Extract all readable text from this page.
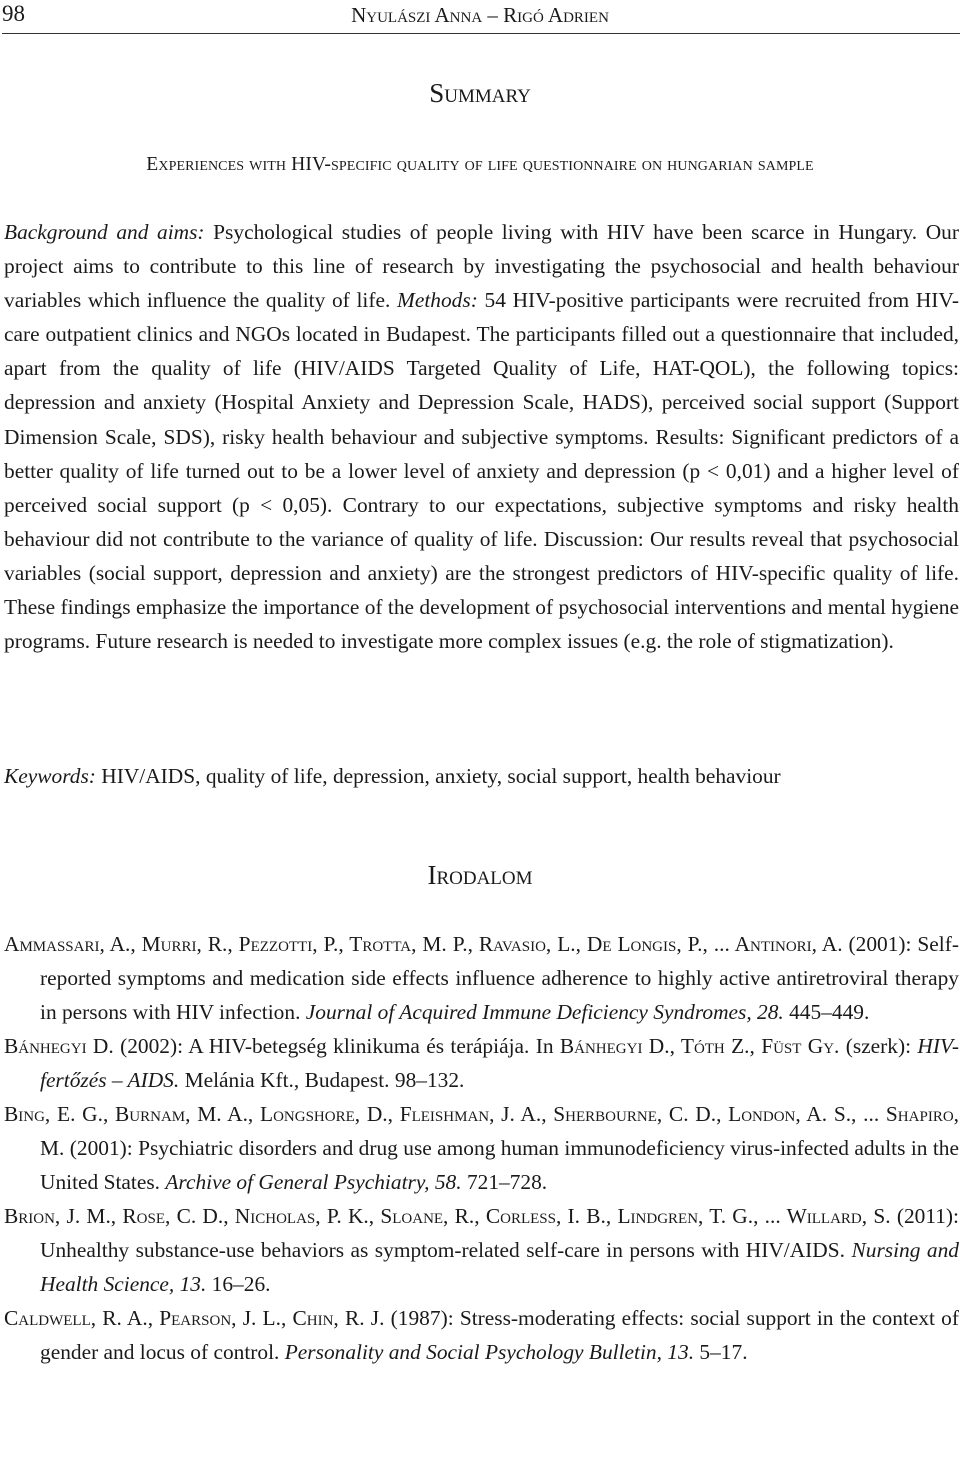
98	Nyulászi Anna – Rigó Adrien
Summary
Experiences with HIV-specific quality of life questionnaire on hungarian sample

Background and aims: Psychological studies of people living with HIV have been scarce in Hungary. Our project aims to contribute to this line of research by investigating the psychosocial and health behaviour variables which influence the quality of life. Methods: 54 HIV-positive participants were recruited from HIV-care outpatient clinics and NGOs located in Budapest. The participants filled out a questionnaire that included, apart from the quality of life (HIV/AIDS Targeted Quality of Life, HAT-QOL), the following topics: depression and anxiety (Hospital Anxiety and Depression Scale, HADS), perceived social support (Support Dimension Scale, SDS), risky health behaviour and subjective symptoms. Results: Significant predictors of a better quality of life turned out to be a lower level of anxiety and depression (p < 0,01) and a higher level of perceived social support (p < 0,05). Contrary to our expectations, subjective symptoms and risky health behaviour did not contribute to the variance of quality of life. Discussion: Our results reveal that psychosocial variables (social support, depression and anxiety) are the strongest predictors of HIV-specific quality of life. These findings emphasize the importance of the development of psychosocial interventions and mental hygiene programs. Future research is needed to investigate more complex issues (e.g. the role of stigmatization).

Keywords: HIV/AIDS, quality of life, depression, anxiety, social support, health behaviour
Irodalom

Ammassari, A., Murri, R., Pezzotti, P., Trotta, M. P., Ravasio, L., De Longis, P., ... Antinori, A. (2001): Self-reported symptoms and medication side effects influence adherence to highly active antiretroviral therapy in persons with HIV infection. Journal of Acquired Immune Deficiency Syndromes, 28. 445–449.

Bánhegyi D. (2002): A HIV-betegség klinikuma és terápiája. In Bánhegyi D., Tóth Z., Füst Gy. (szerk): HIV-fertőzés – AIDS. Melánia Kft., Budapest. 98–132.

Bing, E. G., Burnam, M. A., Longshore, D., Fleishman, J. A., Sherbourne, C. D., London, A. S., ... Shapiro, M. (2001): Psychiatric disorders and drug use among human immunodeficiency virus-infected adults in the United States. Archive of General Psychiatry, 58. 721–728.

Brion, J. M., Rose, C. D., Nicholas, P. K., Sloane, R., Corless, I. B., Lindgren, T. G., ... Willard, S. (2011): Unhealthy substance-use behaviors as symptom-related self-care in persons with HIV/AIDS. Nursing and Health Science, 13. 16–26.

Caldwell, R. A., Pearson, J. L., Chin, R. J. (1987): Stress-moderating effects: social support in the context of gender and locus of control. Personality and Social Psychology Bulletin, 13. 5–17.
